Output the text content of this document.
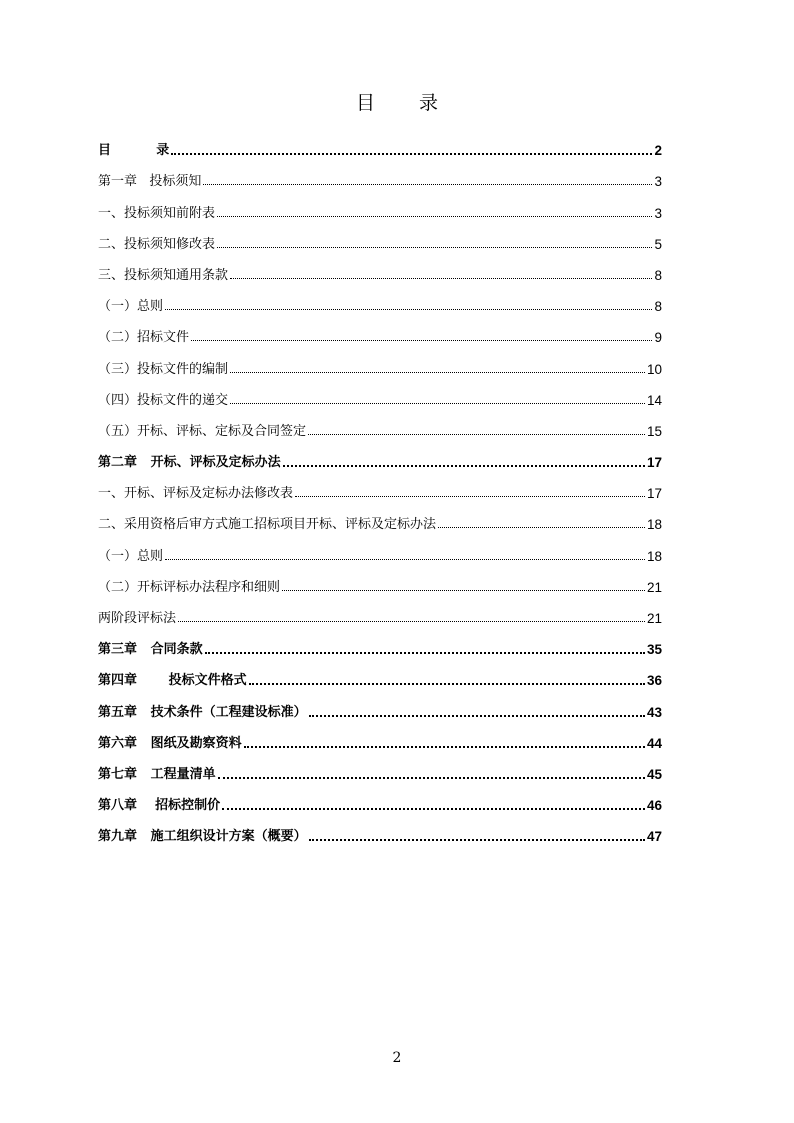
目 录
目          录	2
第一章   投标须知	3
一、投标须知前附表	3
二、投标须知修改表	5
三、投标须知通用条款	8
（一）总则	8
（二）招标文件	9
（三）投标文件的编制	10
（四）投标文件的递交	14
（五）开标、评标、定标及合同签定	15
第二章   开标、评标及定标办法	17
一、开标、评标及定标办法修改表	17
二、采用资格后审方式施工招标项目开标、评标及定标办法	18
（一）总则	18
（二）开标评标办法程序和细则	21
两阶段评标法	21
第三章   合同条款	35
第四章       投标文件格式	36
第五章   技术条件（工程建设标准）	43
第六章   图纸及勘察资料	44
第七章   工程量清单	45
第八章    招标控制价	46
第九章   施工组织设计方案（概要）	47
2
